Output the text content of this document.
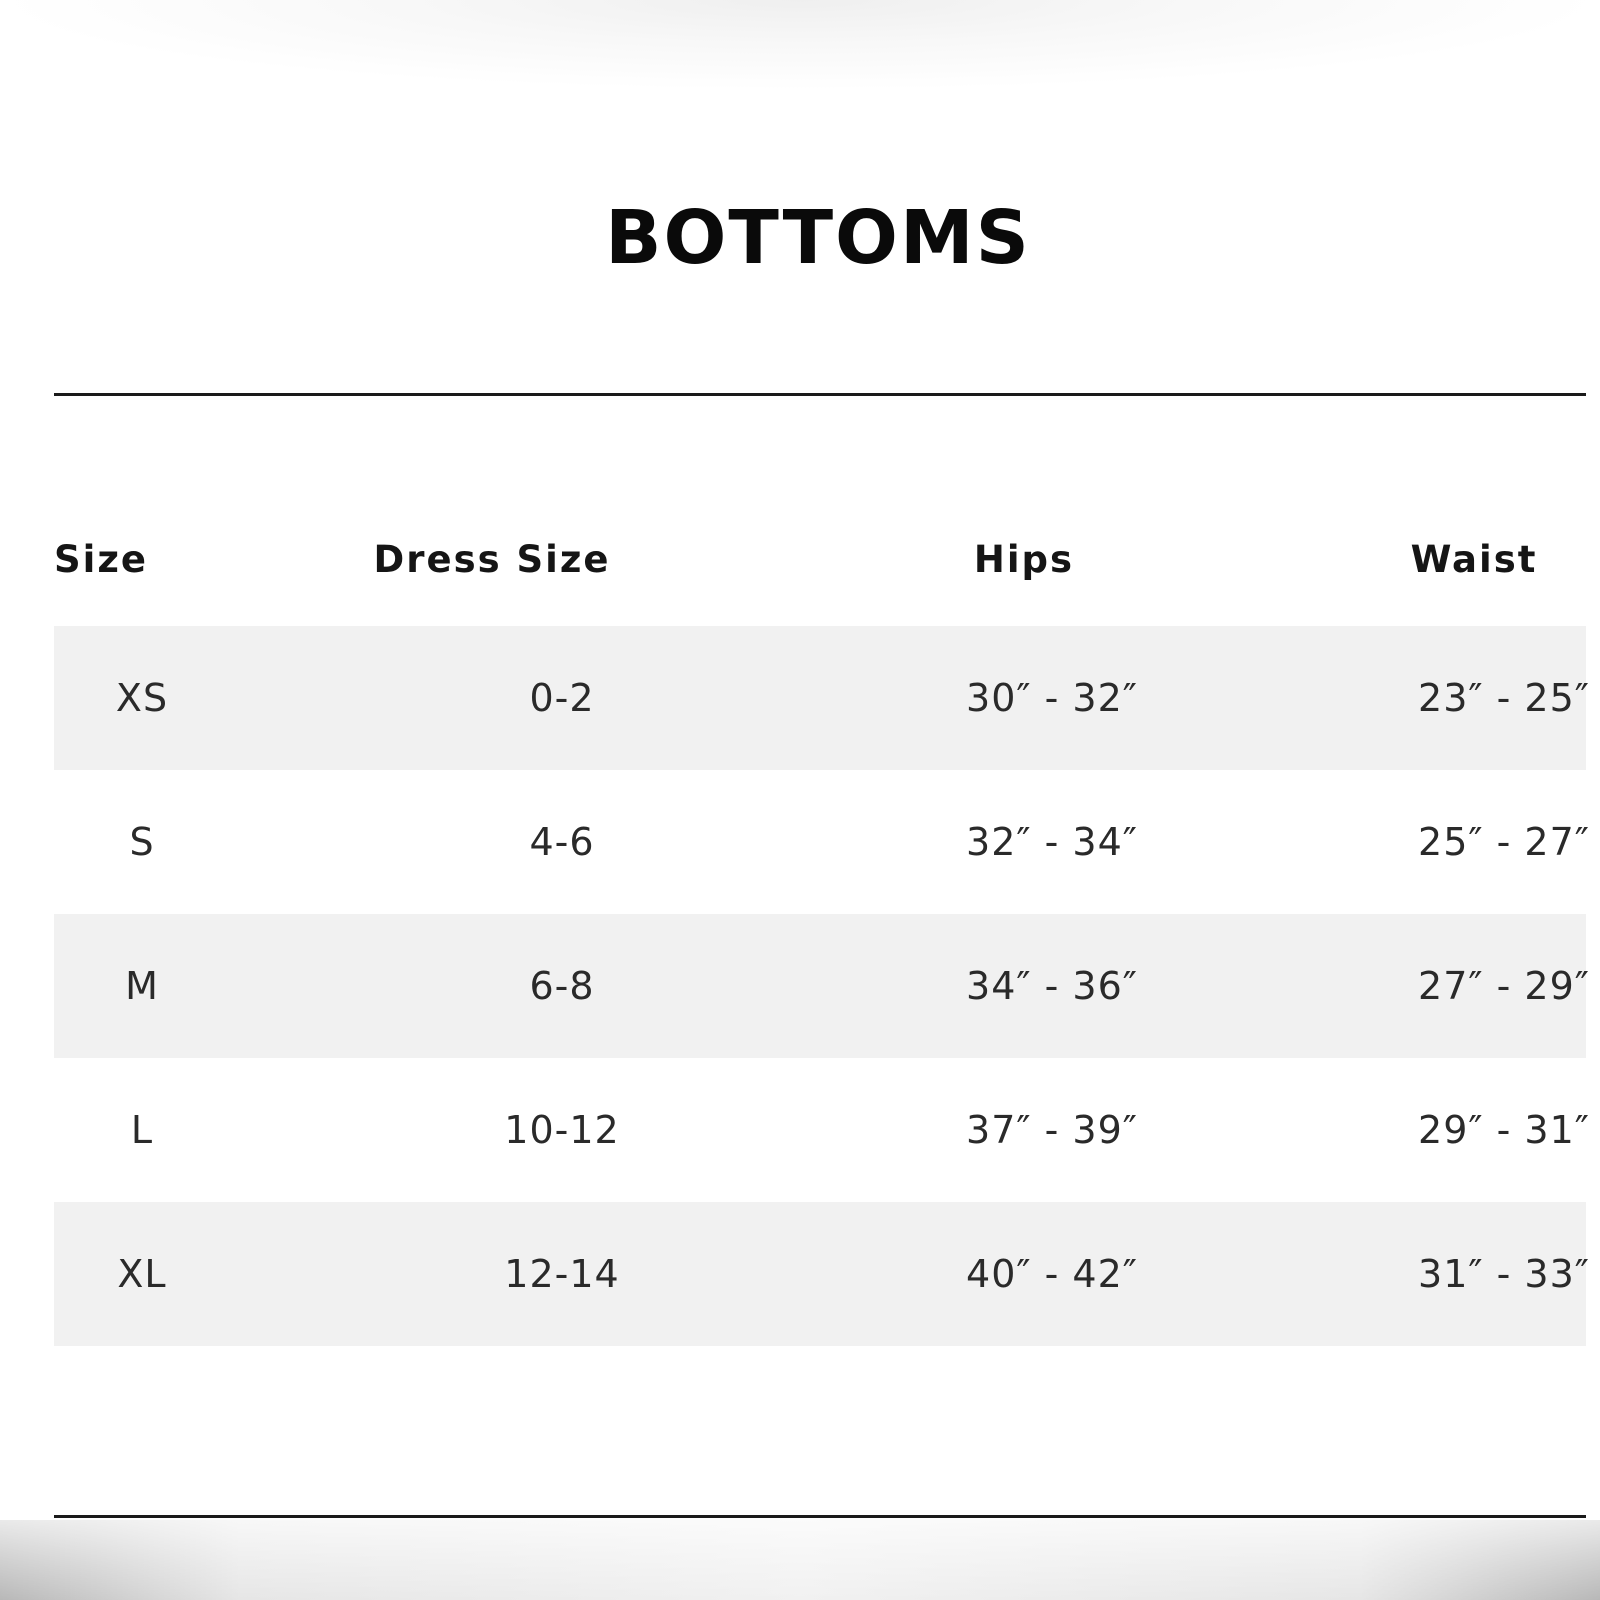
BOTTOMS
Size	Dress Size	Hips	Waist
XS	0-2	30″ - 32″	23″ - 25″
S	4-6	32″ - 34″	25″ - 27″
M	6-8	34″ - 36″	27″ - 29″
L	10-12	37″ - 39″	29″ - 31″
XL	12-14	40″ - 42″	31″ - 33″
